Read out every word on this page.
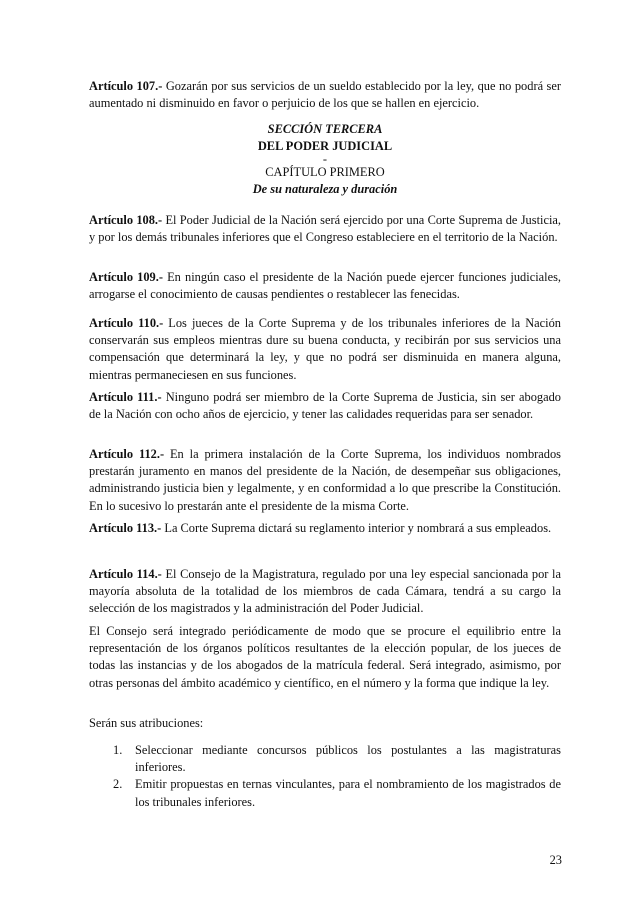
Artículo 107.- Gozarán por sus servicios de un sueldo establecido por la ley, que no podrá ser aumentado ni disminuido en favor o perjuicio de los que se hallen en ejercicio.

SECCIÓN TERCERA
DEL PODER JUDICIAL
-
CAPÍTULO PRIMERO
De su naturaleza y duración

Artículo 108.- El Poder Judicial de la Nación será ejercido por una Corte Suprema de Justicia, y por los demás tribunales inferiores que el Congreso estableciere en el territorio de la Nación.

Artículo 109.- En ningún caso el presidente de la Nación puede ejercer funciones judiciales, arrogarse el conocimiento de causas pendientes o restablecer las fenecidas.

Artículo 110.- Los jueces de la Corte Suprema y de los tribunales inferiores de la Nación conservarán sus empleos mientras dure su buena conducta, y recibirán por sus servicios una compensación que determinará la ley, y que no podrá ser disminuida en manera alguna, mientras permaneciesen en sus funciones.

Artículo 111.- Ninguno podrá ser miembro de la Corte Suprema de Justicia, sin ser abogado de la Nación con ocho años de ejercicio, y tener las calidades requeridas para ser senador.

Artículo 112.- En la primera instalación de la Corte Suprema, los individuos nombrados prestarán juramento en manos del presidente de la Nación, de desempeñar sus obligaciones, administrando justicia bien y legalmente, y en conformidad a lo que prescribe la Constitución. En lo sucesivo lo prestarán ante el presidente de la misma Corte.

Artículo 113.- La Corte Suprema dictará su reglamento interior y nombrará a sus empleados.

Artículo 114.- El Consejo de la Magistratura, regulado por una ley especial sancionada por la mayoría absoluta de la totalidad de los miembros de cada Cámara, tendrá a su cargo la selección de los magistrados y la administración del Poder Judicial.

El Consejo será integrado periódicamente de modo que se procure el equilibrio entre la representación de los órganos políticos resultantes de la elección popular, de los jueces de todas las instancias y de los abogados de la matrícula federal. Será integrado, asimismo, por otras personas del ámbito académico y científico, en el número y la forma que indique la ley.

Serán sus atribuciones:

1. Seleccionar mediante concursos públicos los postulantes a las magistraturas inferiores.
2. Emitir propuestas en ternas vinculantes, para el nombramiento de los magistrados de los tribunales inferiores.
23
